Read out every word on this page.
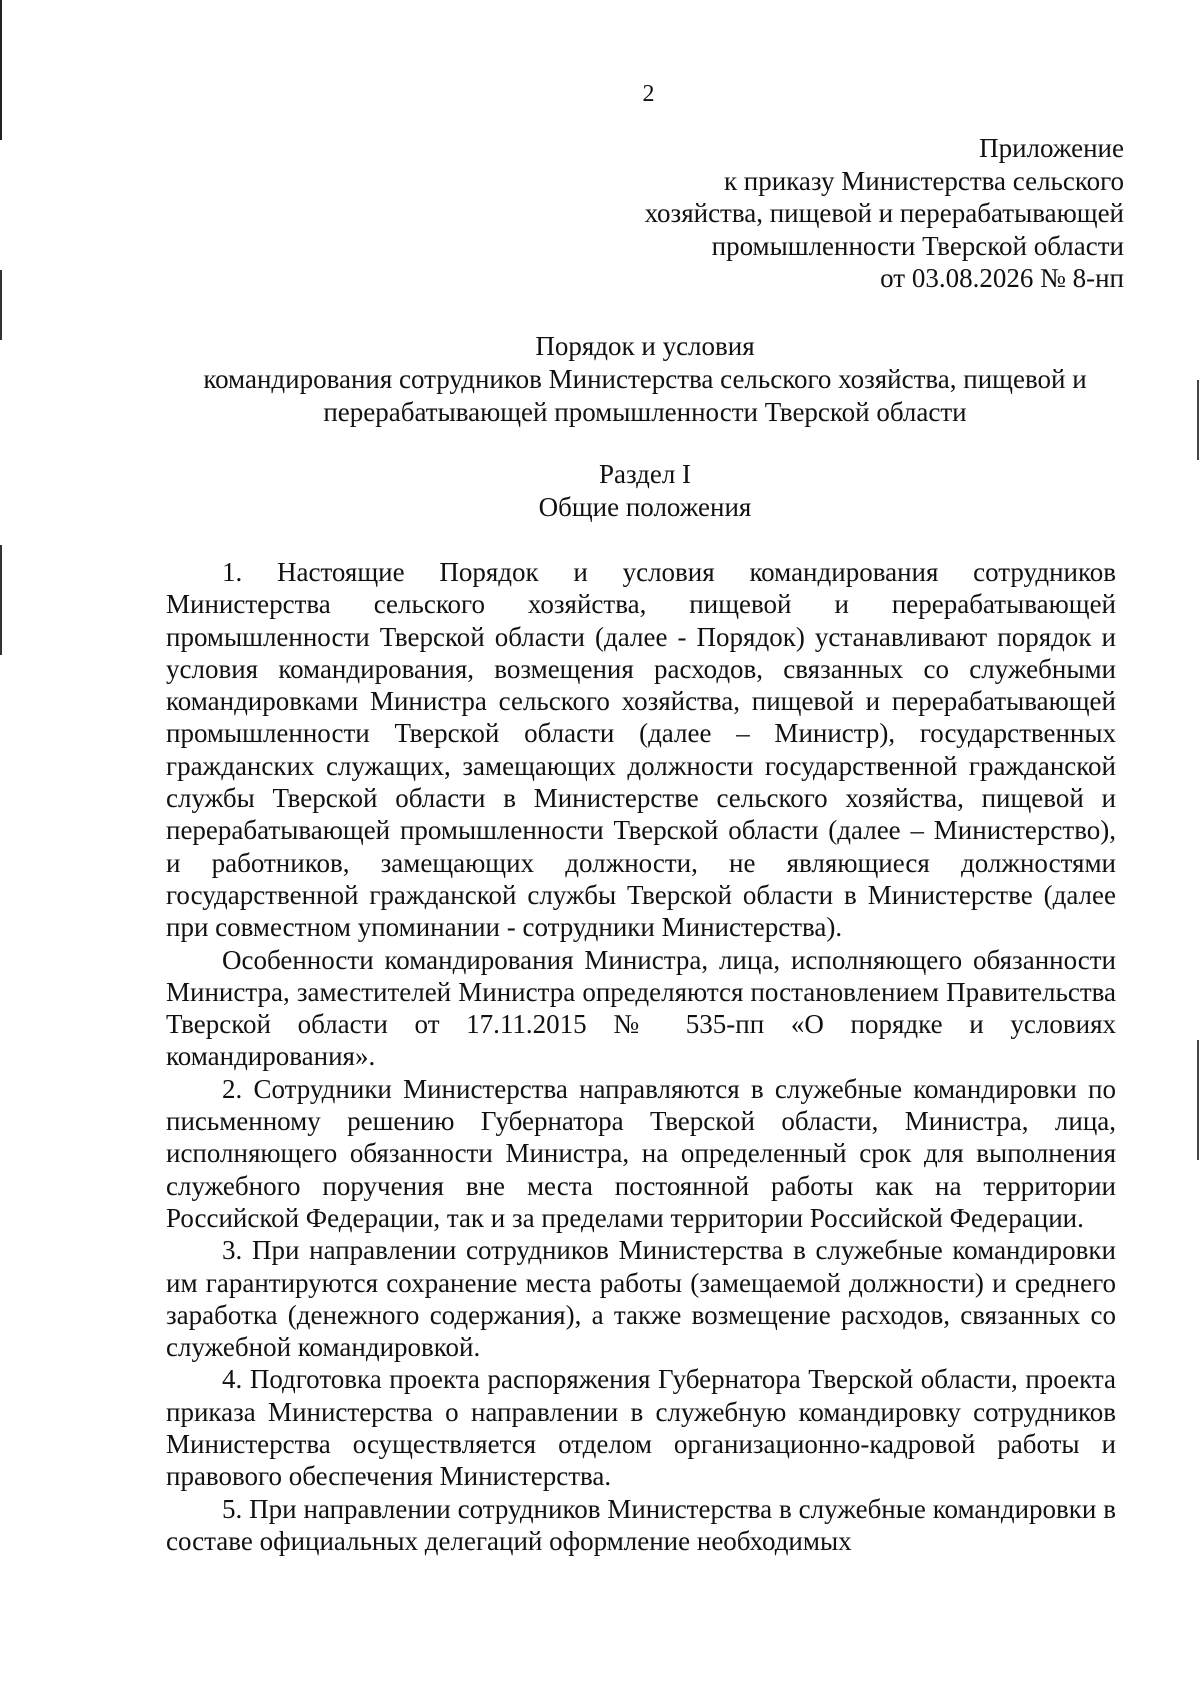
2
Приложение
к приказу Министерства сельского
хозяйства, пищевой и перерабатывающей
промышленности Тверской области
от 03.08.2026 № 8-нп
Порядок и условия
командирования сотрудников Министерства сельского хозяйства, пищевой и
перерабатывающей промышленности Тверской области
Раздел I
Общие положения

1. Настоящие Порядок и условия командирования сотрудников Министерства сельского хозяйства, пищевой и перерабатывающей промышленности Тверской области (далее - Порядок) устанавливают порядок и условия командирования, возмещения расходов, связанных со служебными командировками Министра сельского хозяйства, пищевой и перерабатывающей промышленности Тверской области (далее – Министр), государственных гражданских служащих, замещающих должности государственной гражданской службы Тверской области в Министерстве сельского хозяйства, пищевой и перерабатывающей промышленности Тверской области (далее – Министерство), и работников, замещающих должности, не являющиеся должностями государственной гражданской службы Тверской области в Министерстве (далее при совместном упоминании - сотрудники Министерства).

Особенности командирования Министра, лица, исполняющего обязанности Министра, заместителей Министра определяются постановлением Правительства Тверской области от 17.11.2015 № 535-пп «О порядке и условиях командирования».

2. Сотрудники Министерства направляются в служебные командировки по письменному решению Губернатора Тверской области, Министра, лица, исполняющего обязанности Министра, на определенный срок для выполнения служебного поручения вне места постоянной работы как на территории Российской Федерации, так и за пределами территории Российской Федерации.

3. При направлении сотрудников Министерства в служебные командировки им гарантируются сохранение места работы (замещаемой должности) и среднего заработка (денежного содержания), а также возмещение расходов, связанных со служебной командировкой.

4. Подготовка проекта распоряжения Губернатора Тверской области, проекта приказа Министерства о направлении в служебную командировку сотрудников Министерства осуществляется отделом организационно-кадровой работы и правового обеспечения Министерства.

5. При направлении сотрудников Министерства в служебные командировки в составе официальных делегаций оформление необходимых
